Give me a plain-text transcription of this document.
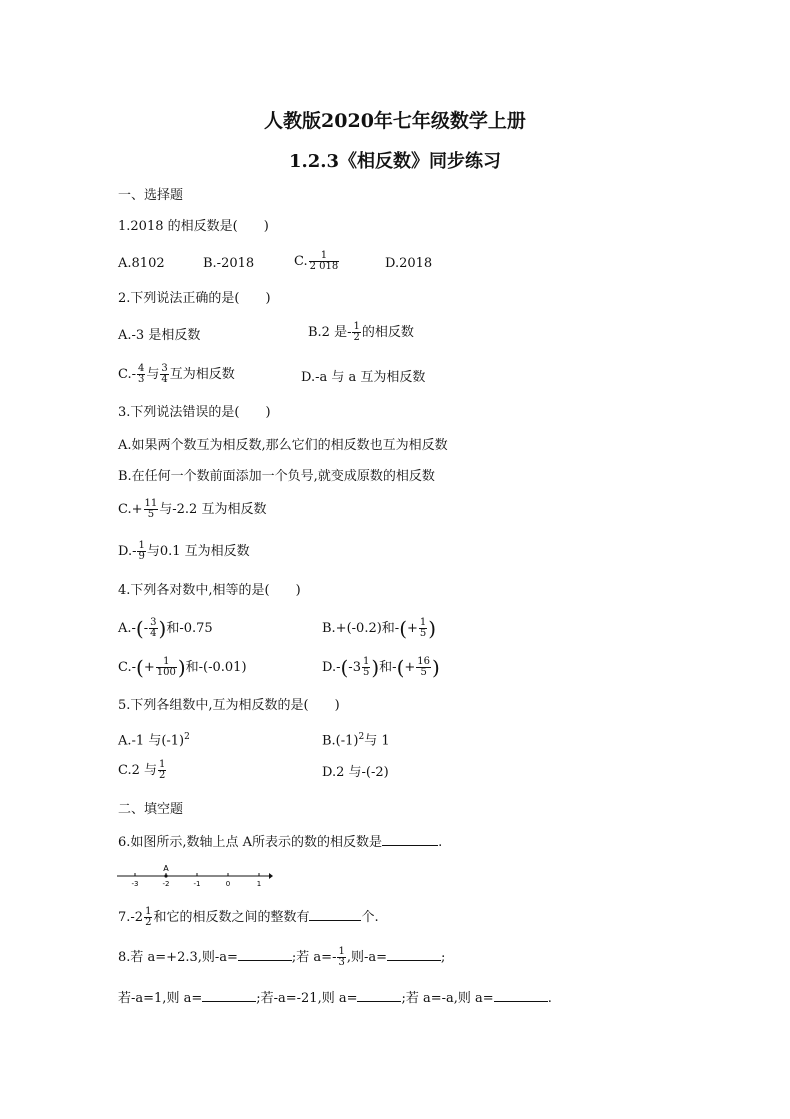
人教版2020年七年级数学上册
1.2.3《相反数》同步练习
一、选择题
1.2018 的相反数是(　　)
A.8102	B.-2018	C. $\frac{1}{2 018}$	D.2018
2.下列说法正确的是(　　)
A.-3 是相反数	B.2 是- $\frac{1}{2}$ 的相反数
$C.- \frac{4}{3}$ 与 $\frac{3}{4}$ 互为相反数	D.-a 与 a 互为相反数
3.下列说法错误的是(　　)
A.如果两个数互为相反数,那么它们的相反数也互为相反数
B.在任何一个数前面添加一个负号,就变成原数的相反数
$C.+ \frac{11}{5}$ 与-2.2 互为相反数
$D.- \frac{1}{9}$ 与0.1 互为相反数
4.下列各对数中,相等的是(　　)
$A.-(- \frac{3}{4}$ )和-0.75	B.+(-0.2)和-(+ $\frac{1}{5}$ )
$C.-(+ \frac{1}{100}$ )和-(-0.01)	$D.-(-3 \frac{1}{5}$ )和-(+ $\frac{16}{5}$ )
5.下列各组数中,互为相反数的是(　　)
A.-1 与$(-1)^2$	$B.(-1)^2$与 1
C.2 与 $\frac{1}{2}$	D.2 与-(-2)
二、填空题
6.如图所示,数轴上点 A所表示的数的相反数是	.
-3	-2	-1	0	1
A
$7.-2 \frac{1}{2}$ 和它的相反数之间的整数有	个.
8.若 a=+2.3,则-a=	;若 $a=- \frac{1}{3}$ ,则-a=	;
若-a=1,则 a=	;若-a=-21,则 a=	;若 a=-a,则 a=	.
